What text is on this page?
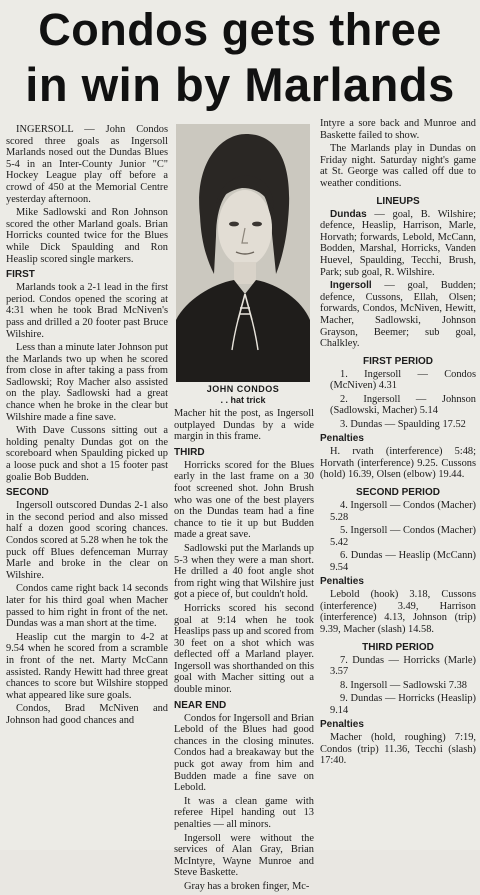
Condos gets three
in win by Marlands

INGERSOLL — John Condos scored three goals as Ingersoll Marlands nosed out the Dundas Blues 5-4 in an Inter-County Junior "C" Hockey League play off before a crowd of 450 at the Memorial Centre yesterday afternoon.

Mike Sadlowski and Ron Johnson scored the other Marland goals. Brian Horricks counted twice for the Blues while Dick Spaulding and Ron Heaslip scored single markers.

FIRST

Marlands took a 2-1 lead in the first period. Condos opened the scoring at 4:31 when he took Brad McNiven's pass and drilled a 20 footer past Bruce Wilshire.

Less than a minute later Johnson put the Marlands two up when he scored from close in after taking a pass from Sadlowski; Roy Macher also assisted on the play. Sadlowski had a great chance when he broke in the clear but Wilshire made a fine save.

With Dave Cussons sitting out a holding penalty Dundas got on the scoreboard when Spaulding picked up a loose puck and shot a 15 footer past goalie Bob Budden.

SECOND

Ingersoll outscored Dundas 2-1 also in the second period and also missed half a dozen good scoring chances. Condos scored at 5.28 when he tok the puck off Blues defenceman Murray Marle and broke in the clear on Wilshire.

Condos came right back 14 seconds later for his third goal when Macher passed to him right in front of the net. Dundas was a man short at the time.

Heaslip cut the margin to 4-2 at 9.54 when he scored from a scramble in front of the net. Marty McCann assisted. Randy Hewitt had three great chances to score but Wilshire stopped what appeared like sure goals.

Condos, Brad McNiven and Johnson had good chances and

JOHN CONDOS
. . hat trick

Macher hit the post, as Ingersoll outplayed Dundas by a wide margin in this frame.

THIRD

Horricks scored for the Blues early in the last frame on a 30 foot screened shot. John Brush who was one of the best players on the Dundas team had a fine chance to tie it up but Budden made a great save.

Sadlowski put the Marlands up 5-3 when they were a man short. He drilled a 40 foot angle shot from right wing that Wilshire just got a piece of, but couldn't hold.

Horricks scored his second goal at 9:14 when he took Heaslips pass up and scored from 30 feet on a shot which was deflected off a Marland player. Ingersoll was shorthanded on this goal with Macher sitting out a double minor.

NEAR END

Condos for Ingersoll and Brian Lebold of the Blues had good chances in the closing minutes. Condos had a breakaway but the puck got away from him and Budden made a fine save on Lebold.

It was a clean game with referee Hipel handing out 13 penalties — all minors.

Ingersoll were without the services of Alan Gray, Brian McIntyre, Wayne Munroe and Steve Baskette.

Gray has a broken finger, Mc-

Intyre a sore back and Munroe and Baskette failed to show.

The Marlands play in Dundas on Friday night. Saturday night's game at St. George was called off due to weather conditions.

LINEUPS

Dundas — goal, B. Wilshire; defence, Heaslip, Harrison, Marle, Horvath; forwards, Lebold, McCann, Bodden, Marshal, Horricks, Vanden Huevel, Spaulding, Tecchi, Brush, Park; sub goal, R. Wilshire.

Ingersoll — goal, Budden; defence, Cussons, Ellah, Olsen; forwards, Condos, McNiven, Hewitt, Macher, Sadlowski, Johnson Grayson, Beemer; sub goal, Chalkley.

FIRST PERIOD

1. Ingersoll — Condos (McNiven) 4.31

2. Ingersoll — Johnson (Sadlowski, Macher) 5.14

3. Dundas — Spaulding 17.52

Penalties

H. rvath (interference) 5:48; Horvath (interference) 9.25. Cussons (hold) 16.39, Olsen (elbow) 19.44.

SECOND PERIOD

4. Ingersoll — Condos (Macher) 5.28

5. Ingersoll — Condos (Macher) 5.42

6. Dundas — Heaslip (McCann) 9.54

Penalties

Lebold (hook) 3.18, Cussons (interference) 3.49, Harrison (interference) 4.13, Johnson (trip) 9.39, Macher (slash) 14.58.

THIRD PERIOD

7. Dundas — Horricks (Marle) 3.57

8. Ingersoll — Sadlowski 7.38

9. Dundas — Horricks (Heaslip) 9.14

Penalties

Macher (hold, roughing) 7:19, Condos (trip) 11.36, Tecchi (slash) 17:40.
